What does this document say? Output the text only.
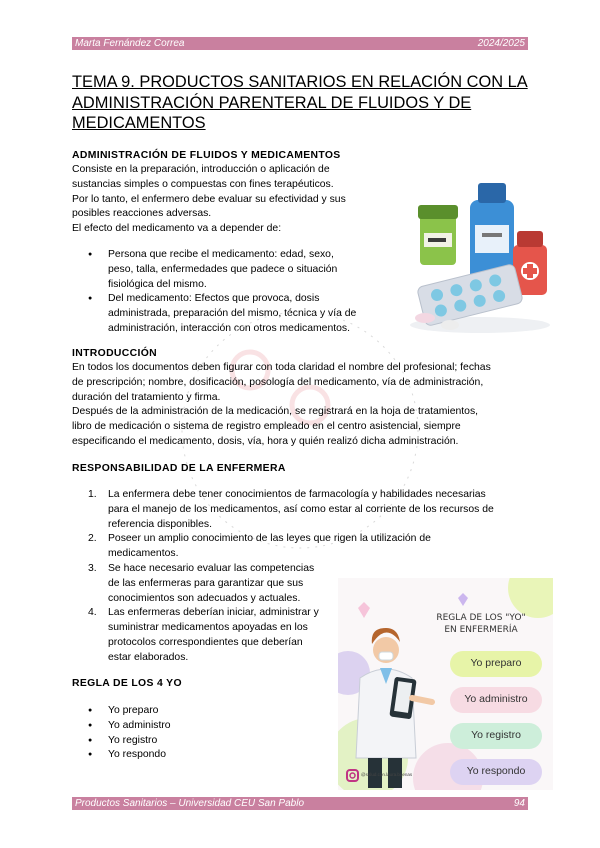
Marta Fernández Correa	2024/2025
TEMA 9. PRODUCTOS SANITARIOS EN RELACIÓN CON LA ADMINISTRACIÓN PARENTERAL DE FLUIDOS Y DE MEDICAMENTOS
ADMINISTRACIÓN DE FLUIDOS Y MEDICAMENTOS
Consiste en la preparación, introducción o aplicación de
sustancias simples o compuestas con fines terapéuticos.
Por lo tanto, el enfermero debe evaluar su efectividad y sus
posibles reacciones adversas.
El efecto del medicamento va a depender de:
● Persona que recibe el medicamento: edad, sexo,
peso, talla, enfermedades que padece o situación
fisiológica del mismo.
● Del medicamento: Efectos que provoca, dosis
administrada, preparación del mismo, técnica y vía de
administración, interacción con otros medicamentos.
INTRODUCCIÓN
En todos los documentos deben figurar con toda claridad el nombre del profesional; fechas
de prescripción; nombre, dosificación, posología del medicamento, vía de administración,
duración del tratamiento y firma.
Después de la administración de la medicación, se registrará en la hoja de tratamientos,
libro de medicación o sistema de registro empleado en el centro asistencial, siempre
especificando el medicamento, dosis, vía, hora y quién realizó dicha administración.
RESPONSABILIDAD DE LA ENFERMERA
1. La enfermera debe tener conocimientos de farmacología y habilidades necesarias
para el manejo de los medicamentos, así como estar al corriente de los recursos de
referencia disponibles.
2. Poseer un amplio conocimiento de las leyes que rigen la utilización de
medicamentos.
3. Se hace necesario evaluar las competencias
de las enfermeras para garantizar que sus
conocimientos son adecuados y actuales.
4. Las enfermeras deberían iniciar, administrar y
suministrar medicamentos apoyadas en los
protocolos correspondientes que deberían
estar elaborados.
REGLA DE LOS 4 YO
● Yo preparo
● Yo administro
● Yo registro
● Yo respondo
REGLA DE LOS "YO"
EN ENFERMERÍA
Yo preparo
Yo administro
Yo registro
Yo respondo
@salud.con.laura.buenas
Productos Sanitarios – Universidad CEU San Pablo	94
